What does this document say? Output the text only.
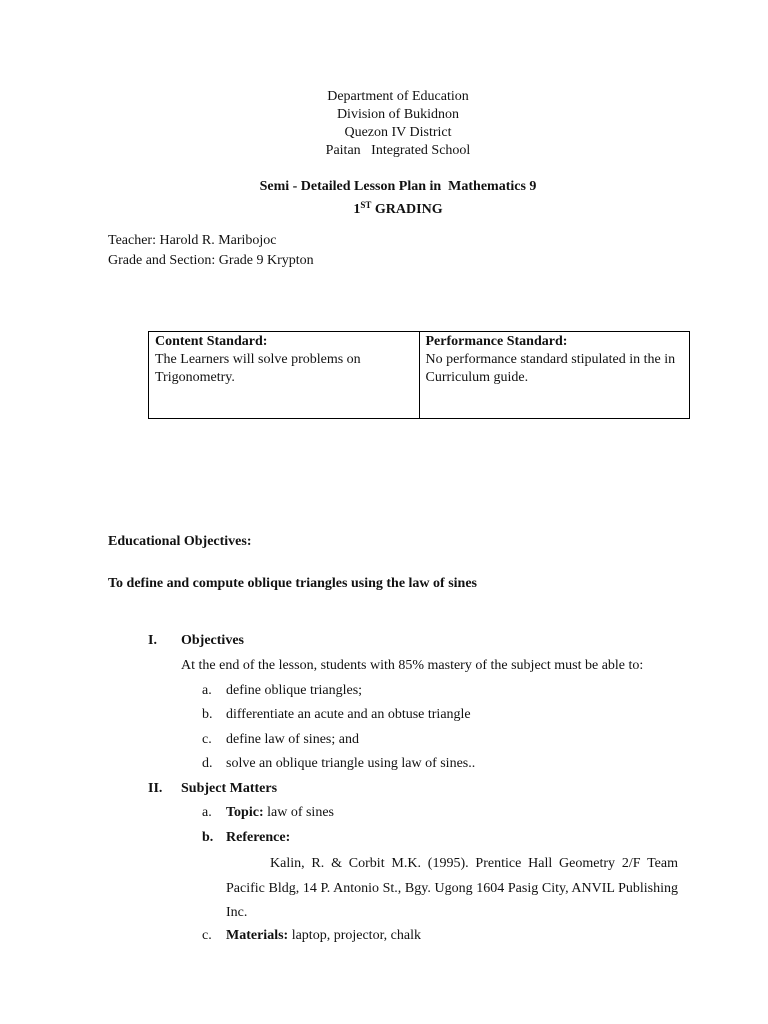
Department of Education
Division of Bukidnon
Quezon IV District
Paitan   Integrated School
Semi - Detailed Lesson Plan in  Mathematics 9
1ST GRADING
Teacher: Harold R. Maribojoc
Grade and Section: Grade 9 Krypton
Content Standard:
The Learners will solve problems on Trigonometry.	
Performance Standard:
No performance standard stipulated in the in Curriculum guide.
Educational Objectives:
To define and compute oblique triangles using the law of sines
I. Objectives
At the end of the lesson, students with 85% mastery of the subject must be able to:
a.	define oblique triangles;
b. differentiate an acute and an obtuse triangle
c.	define law of sines; and
d. solve an oblique triangle using law of sines..
II. Subject Matters
a.	Topic: law of sines
b. Reference:
Kalin, R. & Corbit M.K. (1995). Prentice Hall Geometry 2/F Team Pacific Bldg, 14 P. Antonio St., Bgy. Ugong 1604 Pasig City, ANVIL Publishing Inc.
c.	Materials: laptop, projector, chalk
